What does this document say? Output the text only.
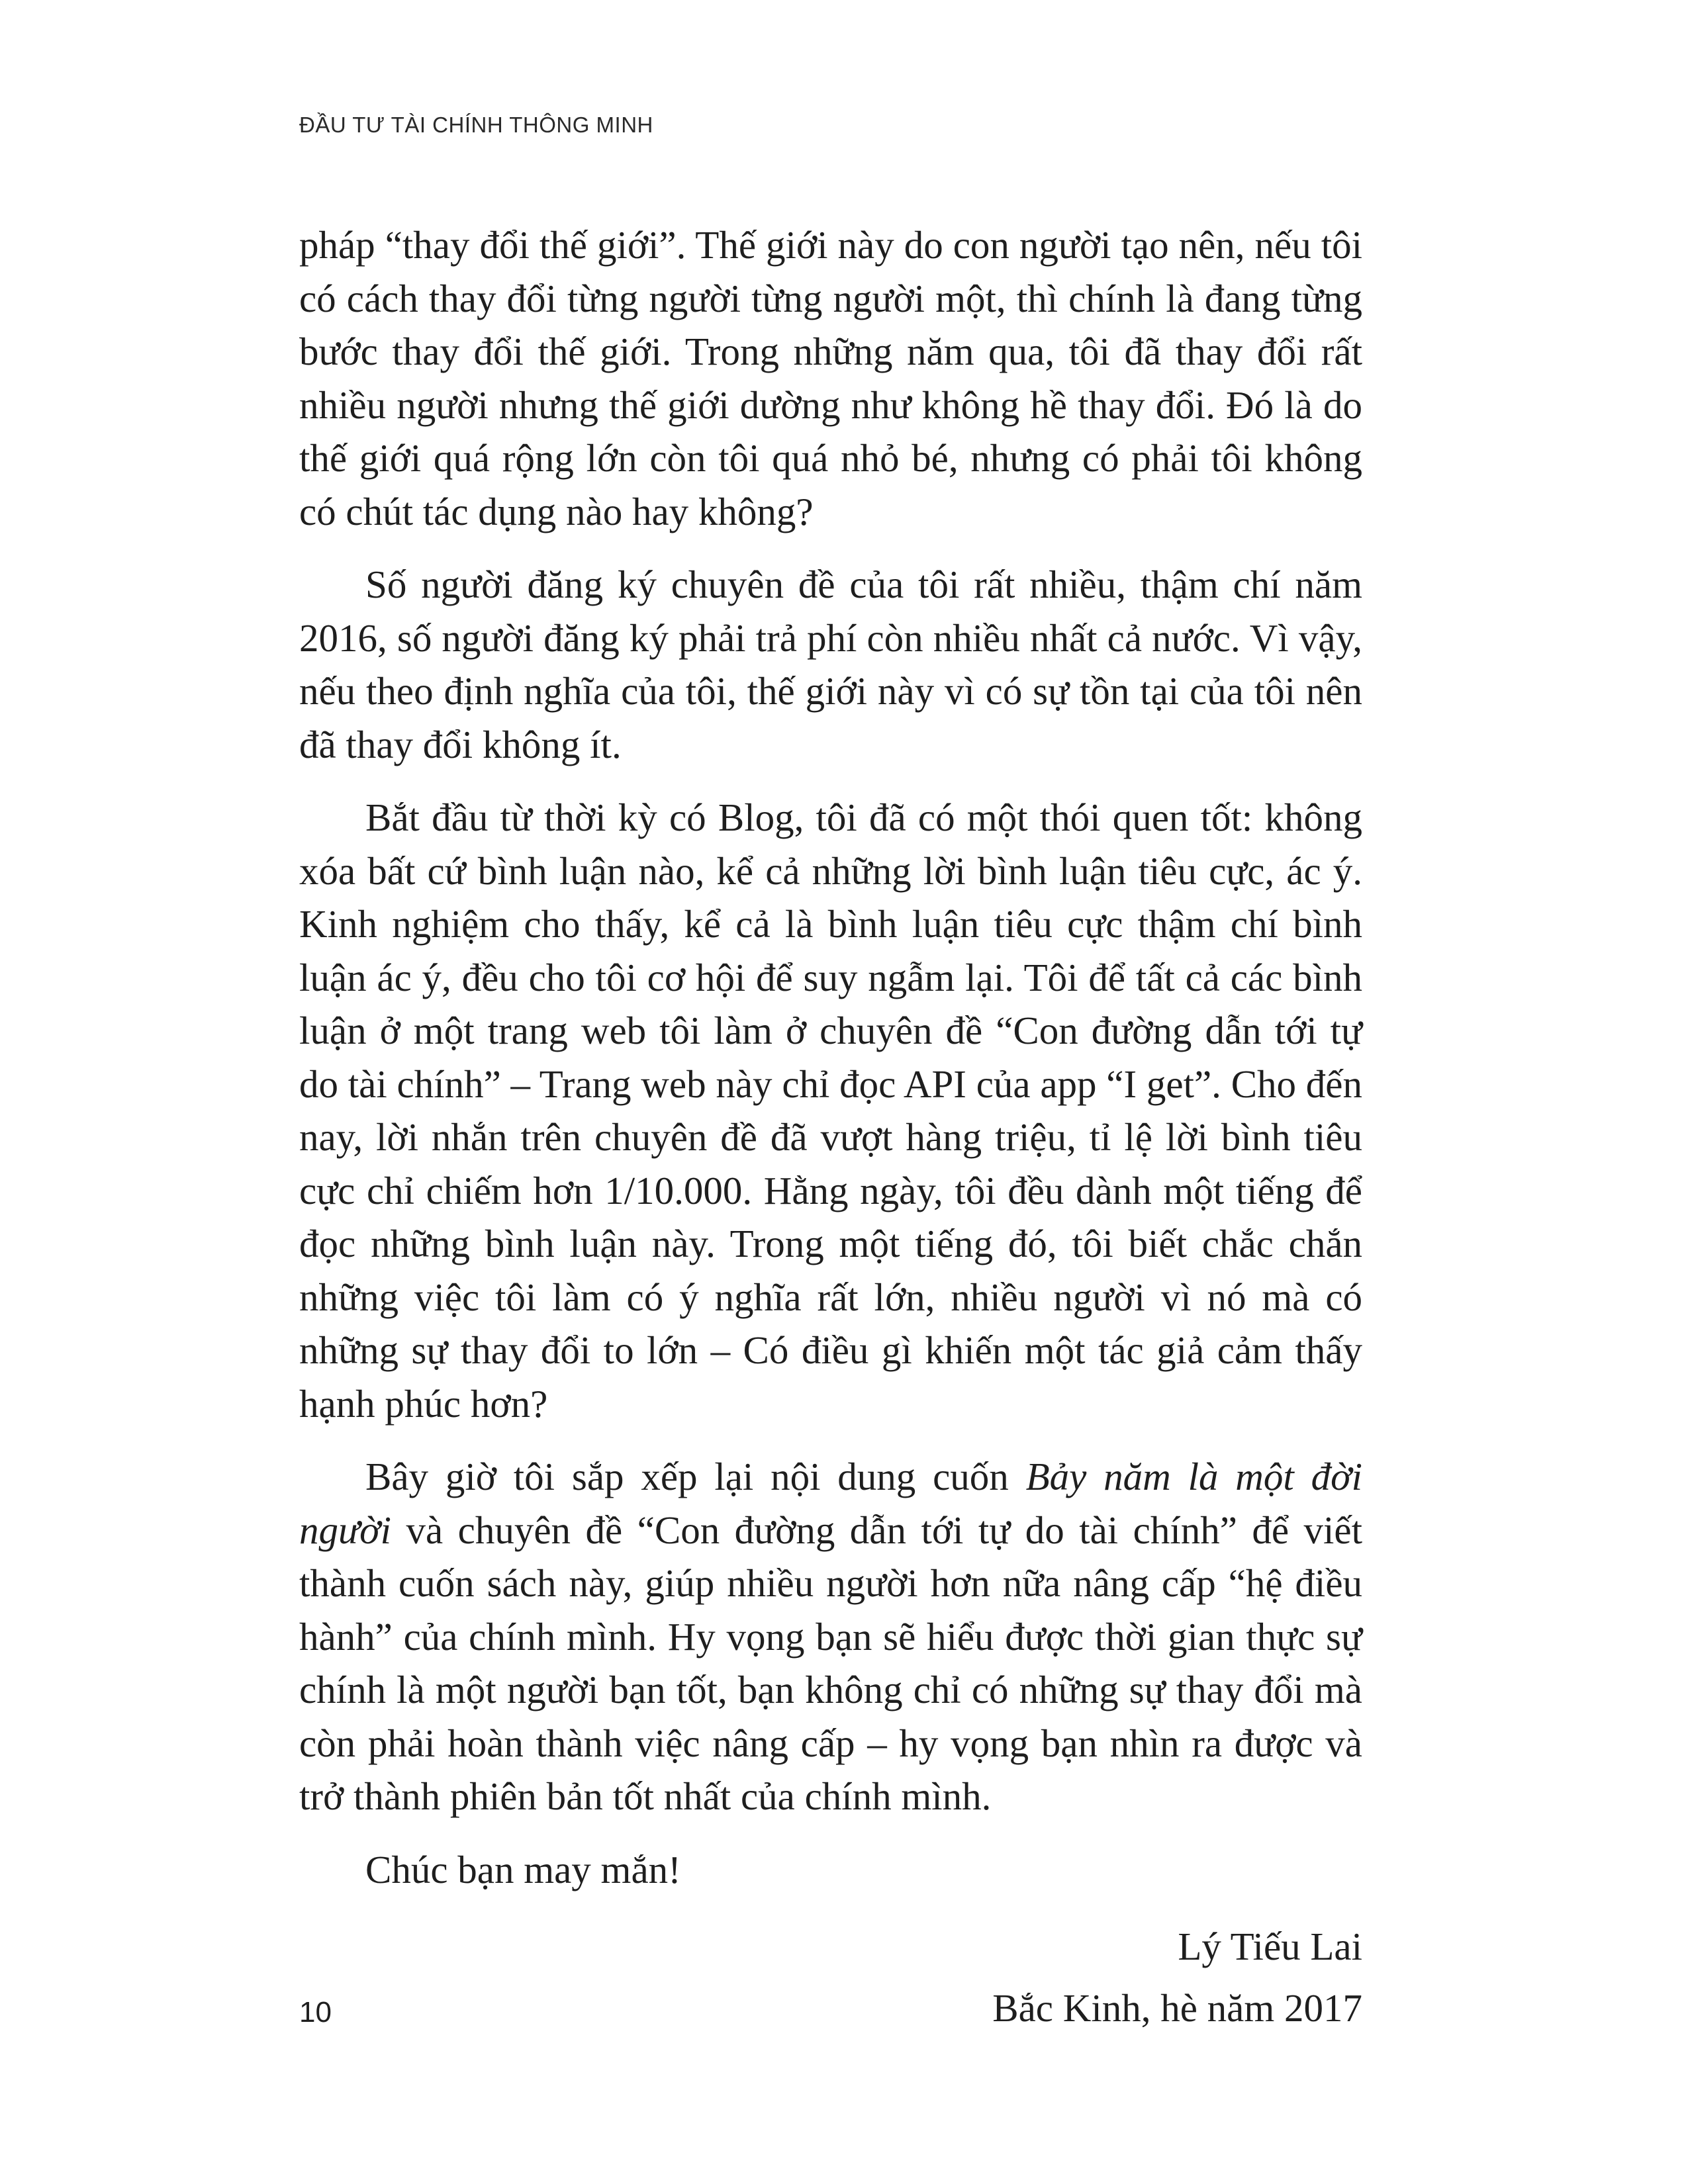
ĐẦU TƯ TÀI CHÍNH THÔNG MINH

pháp “thay đổi thế giới”. Thế giới này do con người tạo nên, nếu tôi có cách thay đổi từng người từng người một, thì chính là đang từng bước thay đổi thế giới. Trong những năm qua, tôi đã thay đổi rất nhiều người nhưng thế giới dường như không hề thay đổi. Đó là do thế giới quá rộng lớn còn tôi quá nhỏ bé, nhưng có phải tôi không có chút tác dụng nào hay không?

Số người đăng ký chuyên đề của tôi rất nhiều, thậm chí năm 2016, số người đăng ký phải trả phí còn nhiều nhất cả nước. Vì vậy, nếu theo định nghĩa của tôi, thế giới này vì có sự tồn tại của tôi nên đã thay đổi không ít.

Bắt đầu từ thời kỳ có Blog, tôi đã có một thói quen tốt: không xóa bất cứ bình luận nào, kể cả những lời bình luận tiêu cực, ác ý. Kinh nghiệm cho thấy, kể cả là bình luận tiêu cực thậm chí bình luận ác ý, đều cho tôi cơ hội để suy ngẫm lại. Tôi để tất cả các bình luận ở một trang web tôi làm ở chuyên đề “Con đường dẫn tới tự do tài chính” – Trang web này chỉ đọc API của app “I get”. Cho đến nay, lời nhắn trên chuyên đề đã vượt hàng triệu, tỉ lệ lời bình tiêu cực chỉ chiếm hơn 1/10.000. Hằng ngày, tôi đều dành một tiếng để đọc những bình luận này. Trong một tiếng đó, tôi biết chắc chắn những việc tôi làm có ý nghĩa rất lớn, nhiều người vì nó mà có những sự thay đổi to lớn – Có điều gì khiến một tác giả cảm thấy hạnh phúc hơn?

Bây giờ tôi sắp xếp lại nội dung cuốn Bảy năm là một đời người và chuyên đề “Con đường dẫn tới tự do tài chính” để viết thành cuốn sách này, giúp nhiều người hơn nữa nâng cấp “hệ điều hành” của chính mình. Hy vọng bạn sẽ hiểu được thời gian thực sự chính là một người bạn tốt, bạn không chỉ có những sự thay đổi mà còn phải hoàn thành việc nâng cấp – hy vọng bạn nhìn ra được và trở thành phiên bản tốt nhất của chính mình.

Chúc bạn may mắn!

Lý Tiếu Lai
Bắc Kinh, hè năm 2017
10
